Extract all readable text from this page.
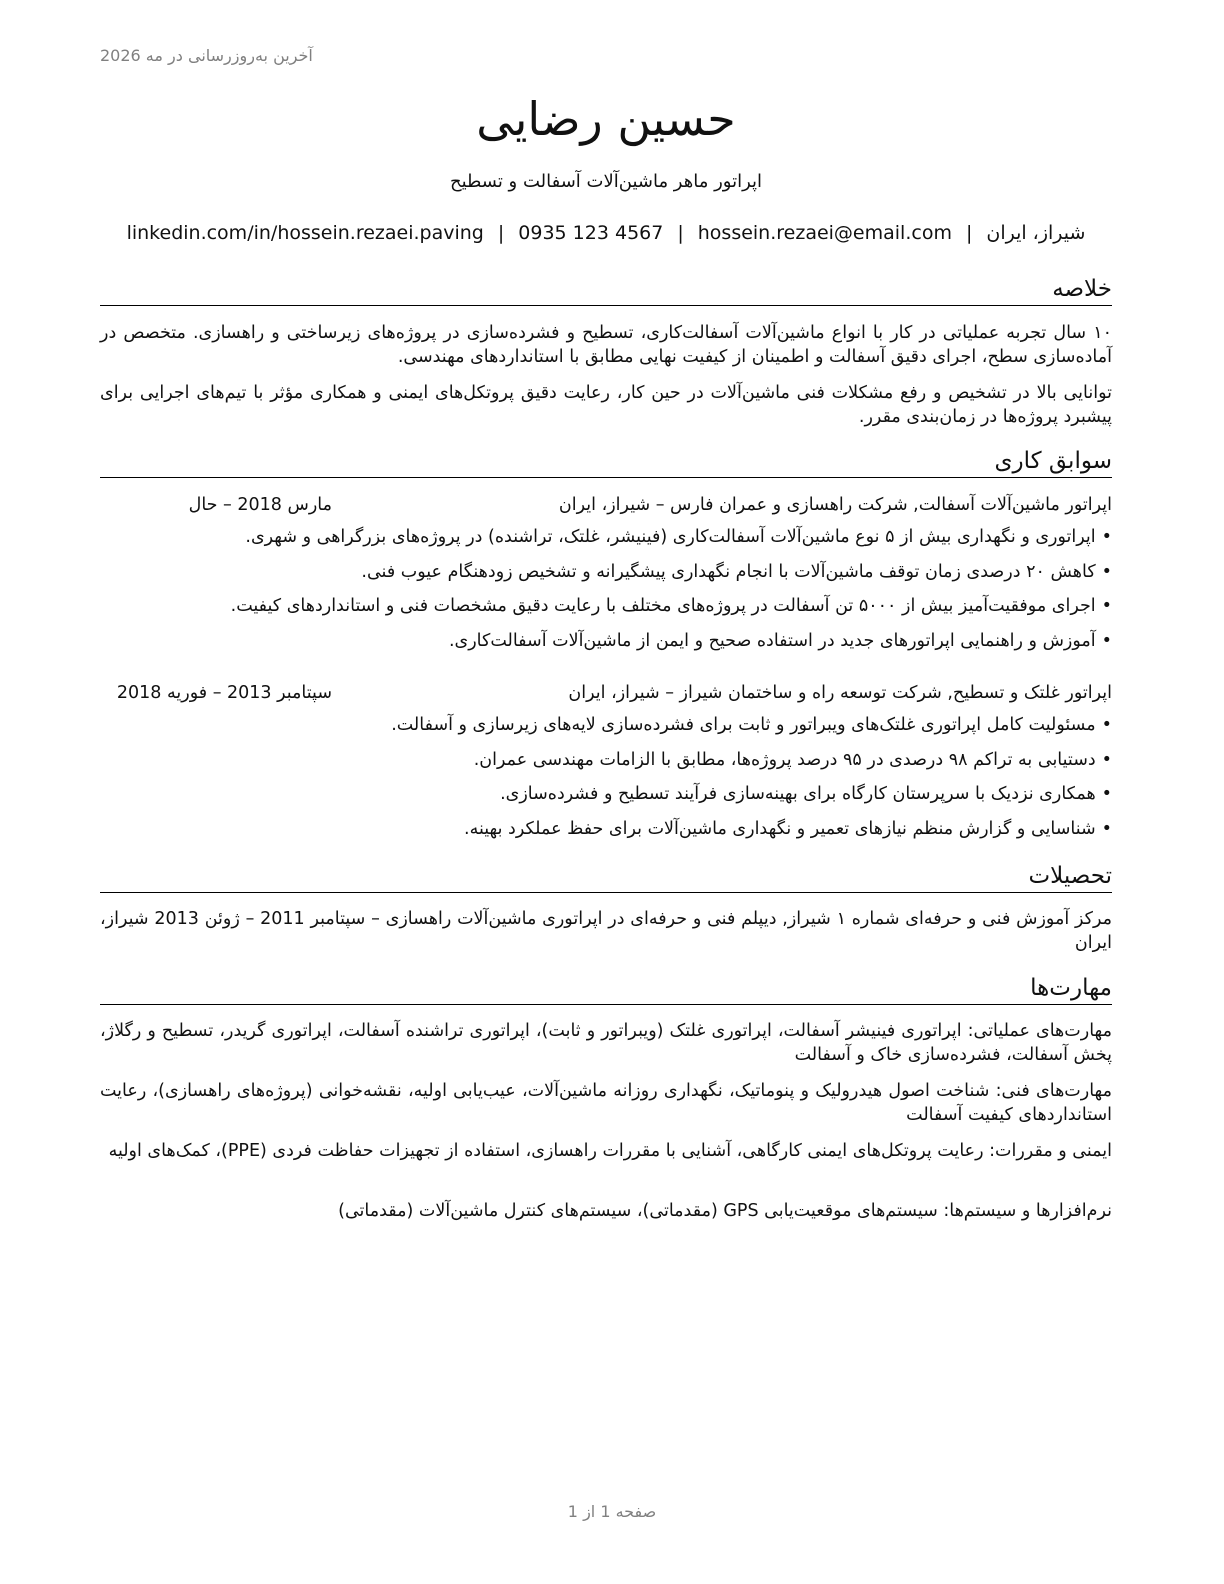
آخرین به‌روزرسانی در مه 2026
حسین رضایی
اپراتور ماهر ماشین‌آلات آسفالت و تسطیح
شیراز، ایران|hossein.rezaei@email.com|0935 123 4567|linkedin.com/in/hossein.rezaei.paving
خلاصه
۱۰ سال تجربه عملیاتی در کار با انواع ماشین‌آلات آسفالت‌کاری، تسطیح و فشرده‌سازی در پروژه‌های زیرساختی و راهسازی. متخصص در آماده‌سازی سطح، اجرای دقیق آسفالت و اطمینان از کیفیت نهایی مطابق با استانداردهای مهندسی.
توانایی بالا در تشخیص و رفع مشکلات فنی ماشین‌آلات در حین کار، رعایت دقیق پروتکل‌های ایمنی و همکاری مؤثر با تیم‌های اجرایی برای پیشبرد پروژه‌ها در زمان‌بندی مقرر.
سوابق کاری
اپراتور ماشین‌آلات آسفالت, شرکت راهسازی و عمران فارس – شیراز، ایران
مارس 2018 – حال
•اپراتوری و نگهداری بیش از ۵ نوع ماشین‌آلات آسفالت‌کاری (فینیشر، غلتک، تراشنده) در پروژه‌های بزرگراهی و شهری.
•کاهش ۲۰ درصدی زمان توقف ماشین‌آلات با انجام نگهداری پیشگیرانه و تشخیص زودهنگام عیوب فنی.
•اجرای موفقیت‌آمیز بیش از ۵۰۰۰ تن آسفالت در پروژه‌های مختلف با رعایت دقیق مشخصات فنی و استانداردهای کیفیت.
•آموزش و راهنمایی اپراتورهای جدید در استفاده صحیح و ایمن از ماشین‌آلات آسفالت‌کاری.
اپراتور غلتک و تسطیح, شرکت توسعه راه و ساختمان شیراز – شیراز، ایران
سپتامبر 2013 – فوریه 2018
•مسئولیت کامل اپراتوری غلتک‌های ویبراتور و ثابت برای فشرده‌سازی لایه‌های زیرسازی و آسفالت.
•دستیابی به تراکم ۹۸ درصدی در ۹۵ درصد پروژه‌ها، مطابق با الزامات مهندسی عمران.
•همکاری نزدیک با سرپرستان کارگاه برای بهینه‌سازی فرآیند تسطیح و فشرده‌سازی.
•شناسایی و گزارش منظم نیازهای تعمیر و نگهداری ماشین‌آلات برای حفظ عملکرد بهینه.
تحصیلات
مرکز آموزش فنی و حرفه‌ای شماره ۱ شیراز, دیپلم فنی و حرفه‌ای در اپراتوری ماشین‌آلات راهسازی – سپتامبر 2011 – ژوئن 2013 شیراز، ایران
مهارت‌ها
مهارت‌های عملیاتی: اپراتوری فینیشر آسفالت، اپراتوری غلتک (ویبراتور و ثابت)، اپراتوری تراشنده آسفالت، اپراتوری گریدر، تسطیح و رگلاژ، پخش آسفالت، فشرده‌سازی خاک و آسفالت
مهارت‌های فنی: شناخت اصول هیدرولیک و پنوماتیک، نگهداری روزانه ماشین‌آلات، عیب‌یابی اولیه، نقشه‌خوانی (پروژه‌های راهسازی)، رعایت استانداردهای کیفیت آسفالت
ایمنی و مقررات: رعایت پروتکل‌های ایمنی کارگاهی، آشنایی با مقررات راهسازی، استفاده از تجهیزات حفاظت فردی (PPE)، کمک‌های اولیه
نرم‌افزارها و سیستم‌ها: سیستم‌های موقعیت‌یابی GPS (مقدماتی)، سیستم‌های کنترل ماشین‌آلات (مقدماتی)
صفحه 1 از 1
